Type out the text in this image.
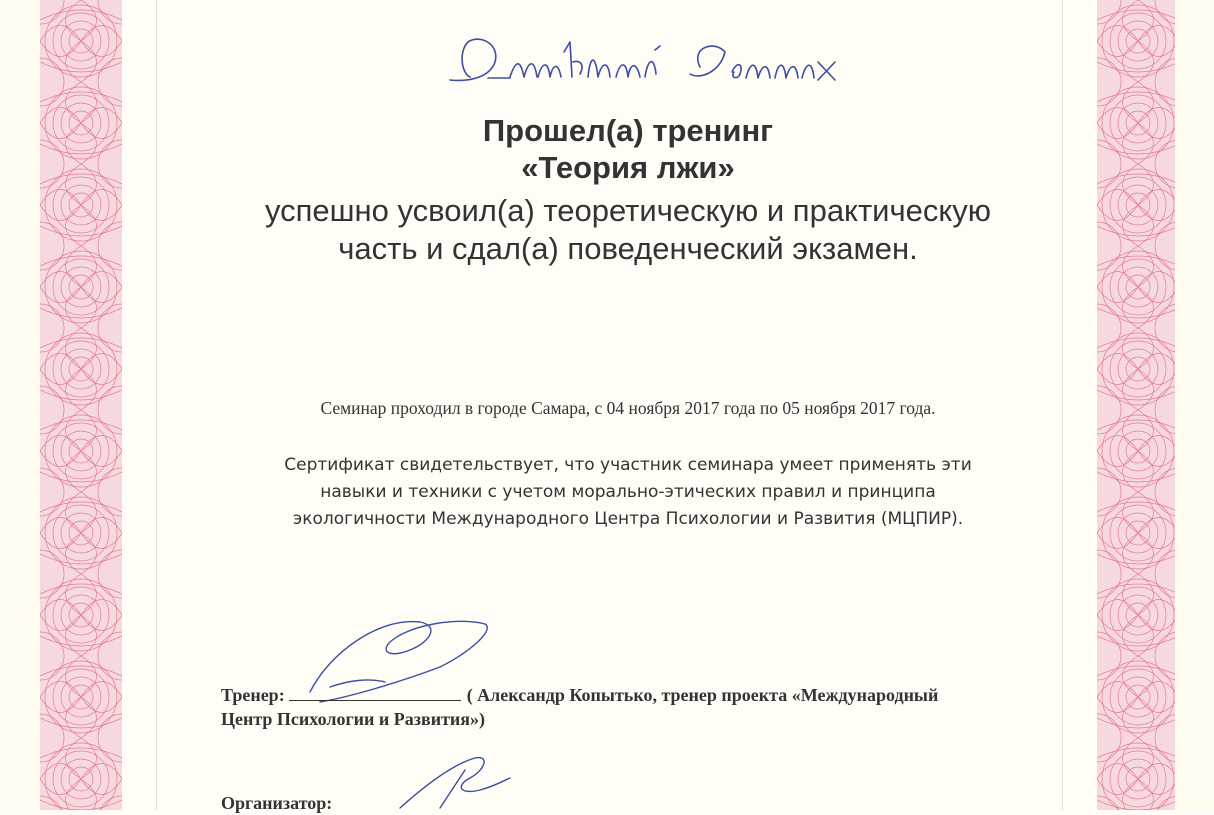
Прошел(а) тренинг
«Теория лжи»
успешно усвоил(а) теоретическую и практическую
часть и сдал(а) поведенческий экзамен.
Семинар проходил в городе Самара, с 04 ноября 2017 года по 05 ноября 2017 года.
Сертификат свидетельствует, что участник семинара умеет применять эти
навыки и техники с учетом морально-этических правил и принципа
экологичности Международного Центра Психологии и Развития (МЦПИР).
Тренер:	( Александр Копытько, тренер проекта «Международный
Центр Психологии и Развития»)
Организатор:
